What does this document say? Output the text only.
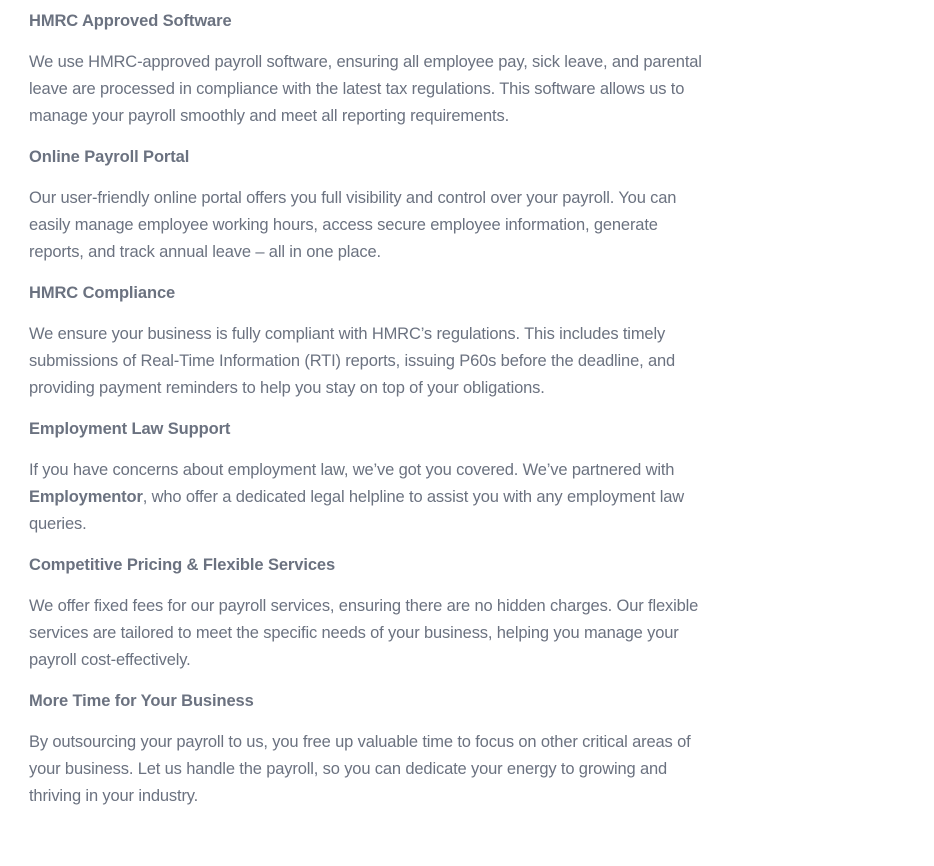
HMRC Approved Software

We use HMRC-approved payroll software, ensuring all employee pay, sick leave, and parental leave are processed in compliance with the latest tax regulations. This software allows us to manage your payroll smoothly and meet all reporting requirements.

Online Payroll Portal

Our user-friendly online portal offers you full visibility and control over your payroll. You can easily manage employee working hours, access secure employee information, generate reports, and track annual leave – all in one place.

HMRC Compliance

We ensure your business is fully compliant with HMRC’s regulations. This includes timely submissions of Real-Time Information (RTI) reports, issuing P60s before the deadline, and providing payment reminders to help you stay on top of your obligations.

Employment Law Support

If you have concerns about employment law, we’ve got you covered. We’ve partnered with Employmentor, who offer a dedicated legal helpline to assist you with any employment law queries.

Competitive Pricing & Flexible Services

We offer fixed fees for our payroll services, ensuring there are no hidden charges. Our flexible services are tailored to meet the specific needs of your business, helping you manage your payroll cost-effectively.

More Time for Your Business

By outsourcing your payroll to us, you free up valuable time to focus on other critical areas of your business. Let us handle the payroll, so you can dedicate your energy to growing and thriving in your industry.
